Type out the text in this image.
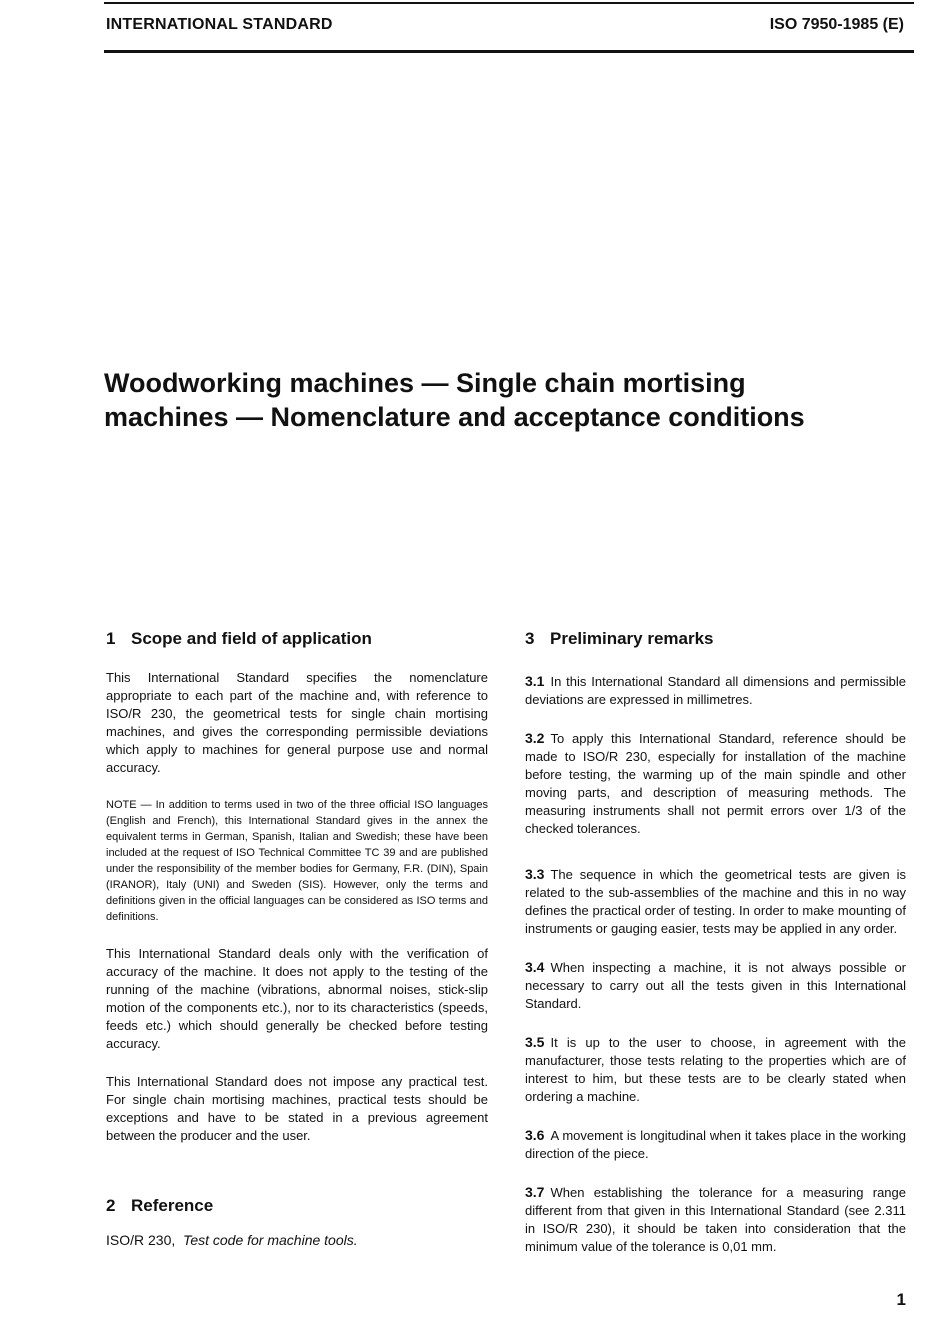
INTERNATIONAL STANDARD	ISO 7950-1985 (E)
Woodworking machines — Single chain mortising
machines — Nomenclature and acceptance conditions
1 Scope and field of application

This International Standard specifies the nomenclature appropriate to each part of the machine and, with reference to ISO/R 230, the geometrical tests for single chain mortising machines, and gives the corresponding permissible deviations which apply to machines for general purpose use and normal accuracy.

NOTE — In addition to terms used in two of the three official ISO languages (English and French), this International Standard gives in the annex the equivalent terms in German, Spanish, Italian and Swedish; these have been included at the request of ISO Technical Committee TC 39 and are published under the responsibility of the member bodies for Germany, F.R. (DIN), Spain (IRANOR), Italy (UNI) and Sweden (SIS). However, only the terms and definitions given in the official languages can be considered as ISO terms and definitions.

This International Standard deals only with the verification of accuracy of the machine. It does not apply to the testing of the running of the machine (vibrations, abnormal noises, stick-slip motion of the components etc.), nor to its characteristics (speeds, feeds etc.) which should generally be checked before testing accuracy.

This International Standard does not impose any practical test. For single chain mortising machines, practical tests should be exceptions and have to be stated in a previous agreement between the producer and the user.

2 Reference

ISO/R 230, Test code for machine tools.

3 Preliminary remarks

3.1 In this International Standard all dimensions and permissible deviations are expressed in millimetres.

3.2 To apply this International Standard, reference should be made to ISO/R 230, especially for installation of the machine before testing, the warming up of the main spindle and other moving parts, and description of measuring methods. The measuring instruments shall not permit errors over 1/3 of the checked tolerances.

3.3 The sequence in which the geometrical tests are given is related to the sub-assemblies of the machine and this in no way defines the practical order of testing. In order to make mounting of instruments or gauging easier, tests may be applied in any order.

3.4 When inspecting a machine, it is not always possible or necessary to carry out all the tests given in this International Standard.

3.5 It is up to the user to choose, in agreement with the manufacturer, those tests relating to the properties which are of interest to him, but these tests are to be clearly stated when ordering a machine.

3.6 A movement is longitudinal when it takes place in the working direction of the piece.

3.7 When establishing the tolerance for a measuring range different from that given in this International Standard (see 2.311 in ISO/R 230), it should be taken into consideration that the minimum value of the tolerance is 0,01 mm.

1
